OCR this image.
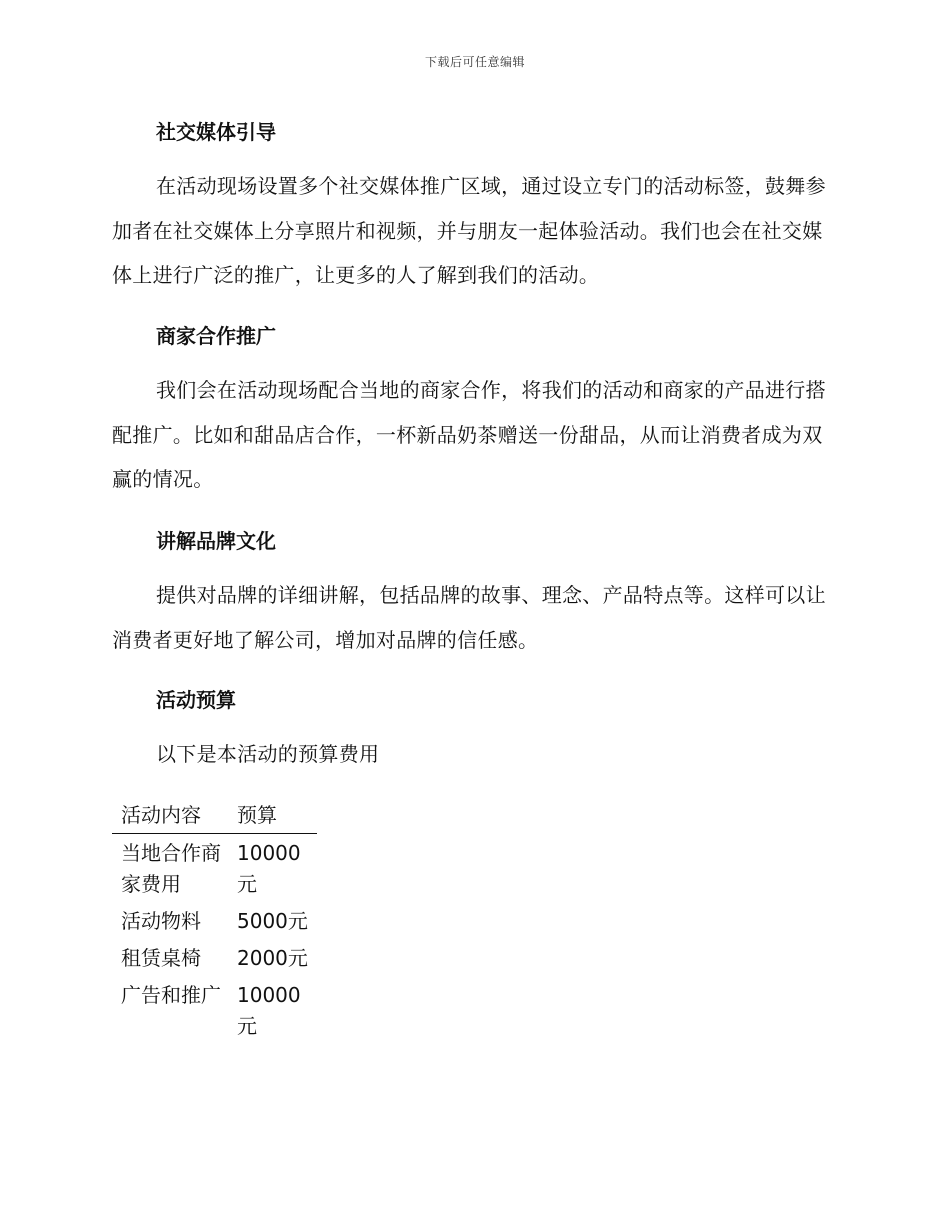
下载后可任意编辑
社交媒体引导

在活动现场设置多个社交媒体推广区域，通过设立专门的活动标签，鼓舞参加者在社交媒体上分享照片和视频，并与朋友一起体验活动。我们也会在社交媒体上进行广泛的推广，让更多的人了解到我们的活动。

商家合作推广

我们会在活动现场配合当地的商家合作，将我们的活动和商家的产品进行搭配推广。比如和甜品店合作，一杯新品奶茶赠送一份甜品，从而让消费者成为双赢的情况。

讲解品牌文化

提供对品牌的详细讲解，包括品牌的故事、理念、产品特点等。这样可以让消费者更好地了解公司，增加对品牌的信任感。

活动预算

以下是本活动的预算费用

活动内容	预算
当地合作商家费用	10000元
活动物料	5000元
租赁桌椅	2000元
广告和推广	10000元
